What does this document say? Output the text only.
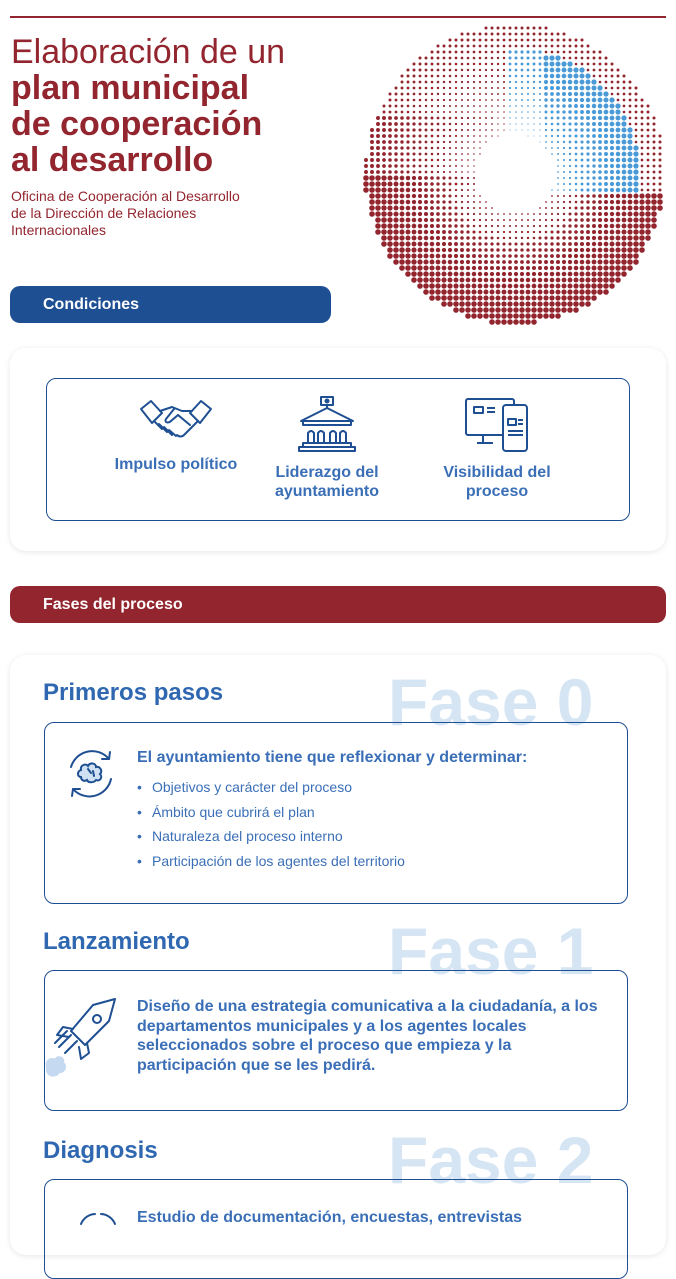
Elaboración de un
plan municipal
de cooperación
al desarrollo
Oficina de Cooperación al Desarrollo de la Dirección de Relaciones Internacionales
Condiciones
Impulso político	Liderazgo del ayuntamiento
Visibilidad del proceso
Fases del proceso
Fase 0
Primeros pasos
El ayuntamiento tiene que reflexionar y determinar:
• Objetivos y carácter del proceso
• Ámbito que cubrirá el plan
• Naturaleza del proceso interno
• Participación de los agentes del territorio
Fase 1
Lanzamiento
Diseño de una estrategia comunicativa a la ciudadanía, a los departamentos municipales y a los agentes locales seleccionados sobre el proceso que empieza y la participación que se les pedirá.
Fase 2
Diagnosis
Estudio de documentación, encuestas, entrevistas
